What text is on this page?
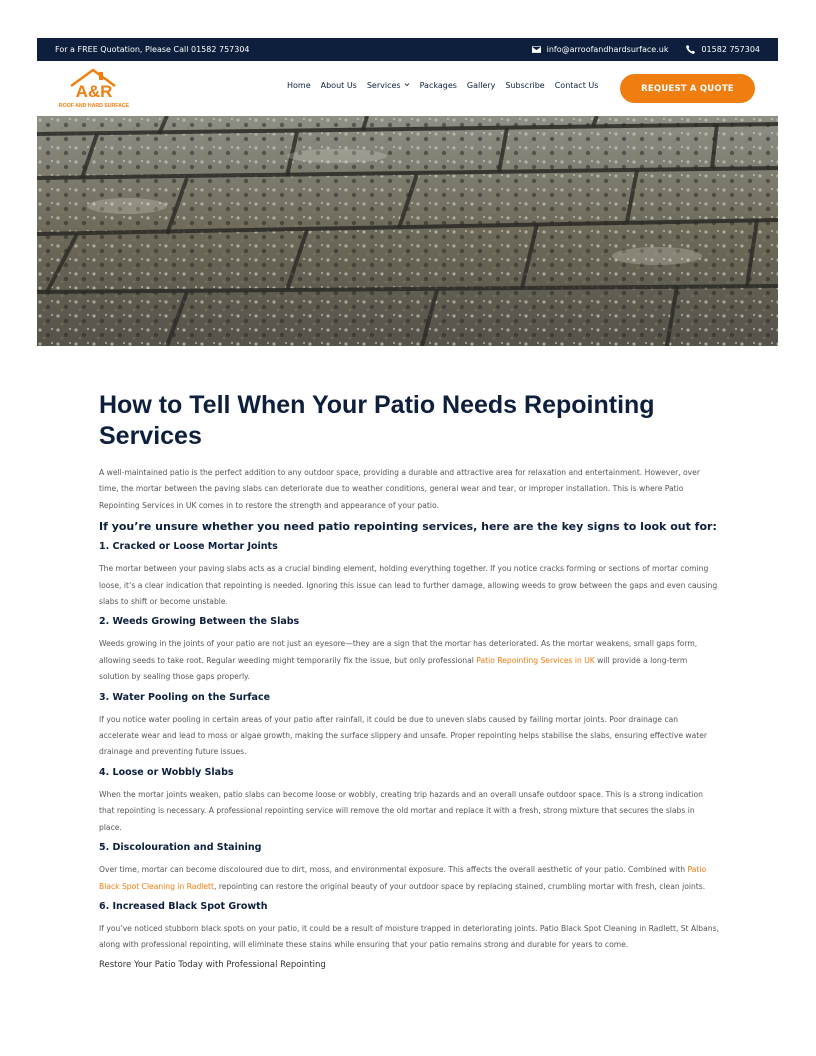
For a FREE Quotation, Please Call 01582 757304	info@arroofandhardsurface.uk	01582 757304
A&R
ROOF AND HARD SURFACE
Home About Us Services Packages Gallery Subscribe Contact Us	REQUEST A QUOTE
How to Tell When Your Patio Needs Repointing Services

A well-maintained patio is the perfect addition to any outdoor space, providing a durable and attractive area for relaxation and entertainment. However, over time, the mortar between the paving slabs can deteriorate due to weather conditions, general wear and tear, or improper installation. This is where Patio Repointing Services in UK comes in to restore the strength and appearance of your patio.

If you’re unsure whether you need patio repointing services, here are the key signs to look out for:
1. Cracked or Loose Mortar Joints

The mortar between your paving slabs acts as a crucial binding element, holding everything together. If you notice cracks forming or sections of mortar coming loose, it’s a clear indication that repointing is needed. Ignoring this issue can lead to further damage, allowing weeds to grow between the gaps and even causing slabs to shift or become unstable.

2. Weeds Growing Between the Slabs

Weeds growing in the joints of your patio are not just an eyesore—they are a sign that the mortar has deteriorated. As the mortar weakens, small gaps form, allowing seeds to take root. Regular weeding might temporarily fix the issue, but only professional Patio Repointing Services in UK will provide a long-term solution by sealing those gaps properly.

3. Water Pooling on the Surface

If you notice water pooling in certain areas of your patio after rainfall, it could be due to uneven slabs caused by failing mortar joints. Poor drainage can accelerate wear and lead to moss or algae growth, making the surface slippery and unsafe. Proper repointing helps stabilise the slabs, ensuring effective water drainage and preventing future issues.

4. Loose or Wobbly Slabs

When the mortar joints weaken, patio slabs can become loose or wobbly, creating trip hazards and an overall unsafe outdoor space. This is a strong indication that repointing is necessary. A professional repointing service will remove the old mortar and replace it with a fresh, strong mixture that secures the slabs in place.

5. Discolouration and Staining

Over time, mortar can become discoloured due to dirt, moss, and environmental exposure. This affects the overall aesthetic of your patio. Combined with Patio Black Spot Cleaning in Radlett, repointing can restore the original beauty of your outdoor space by replacing stained, crumbling mortar with fresh, clean joints.

6. Increased Black Spot Growth

If you’ve noticed stubborn black spots on your patio, it could be a result of moisture trapped in deteriorating joints. Patio Black Spot Cleaning in Radlett, St Albans, along with professional repointing, will eliminate these stains while ensuring that your patio remains strong and durable for years to come.

Restore Your Patio Today with Professional Repointing
